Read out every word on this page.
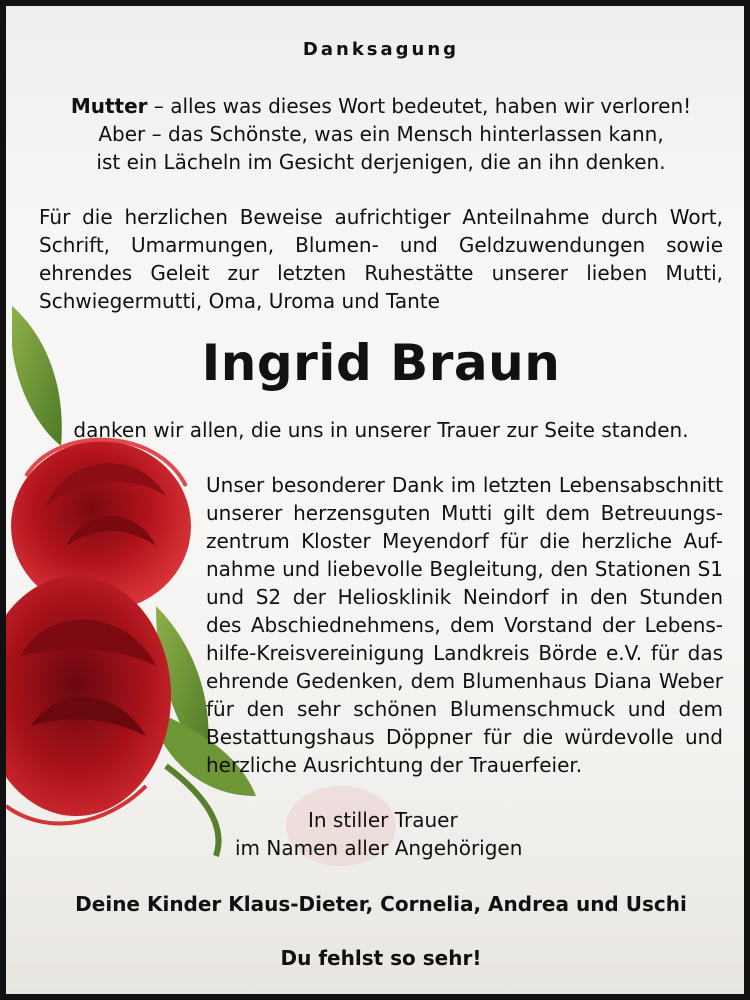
Danksagung
Mutter – alles was dieses Wort bedeutet, haben wir verloren!
Aber – das Schönste, was ein Mensch hinterlassen kann,
ist ein Lächeln im Gesicht derjenigen, die an ihn denken.
Für die herzlichen Beweise aufrichtiger Anteilnahme durch Wort,
Schrift, Umarmungen, Blumen- und Geldzuwendungen sowie
ehrendes Geleit zur letzten Ruhestätte unserer lieben Mutti,
Schwiegermutti, Oma, Uroma und Tante
Ingrid Braun
danken wir allen, die uns in unserer Trauer zur Seite standen.
Unser besonderer Dank im letzten Lebensabschnitt
unserer herzensguten Mutti gilt dem Betreuungs-
zentrum Kloster Meyendorf für die herzliche Auf-
nahme und liebevolle Begleitung, den Stationen S1
und S2 der Heliosklinik Neindorf in den Stunden
des Abschiednehmens, dem Vorstand der Lebens-
hilfe-Kreisvereinigung Landkreis Börde e.V. für das
ehrende Gedenken, dem Blumenhaus Diana Weber
für den sehr schönen Blumenschmuck und dem
Bestattungshaus Döppner für die würdevolle und
herzliche Ausrichtung der Trauerfeier.
In stiller Trauer
im Namen aller Angehörigen
Deine Kinder Klaus-Dieter, Cornelia, Andrea und Uschi
Du fehlst so sehr!
